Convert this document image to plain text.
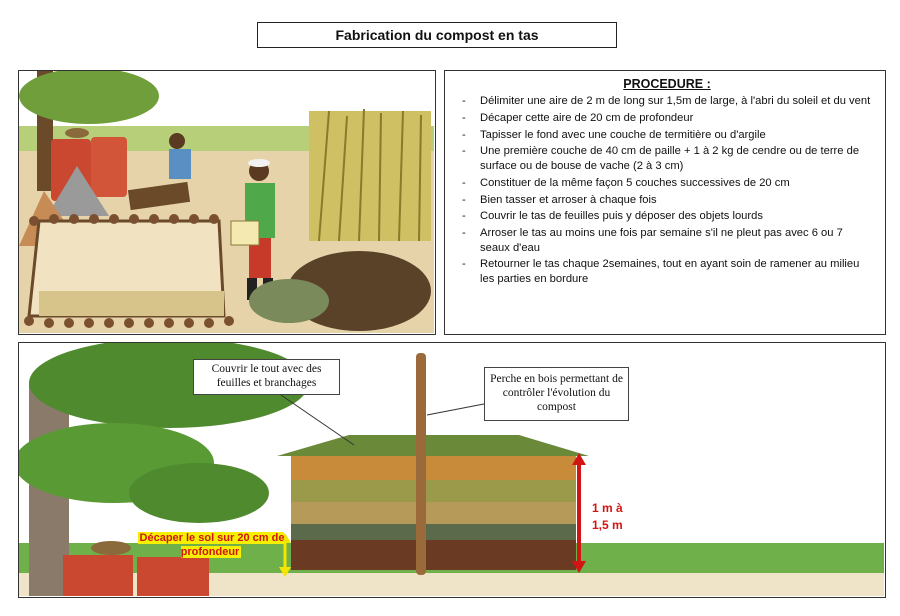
Fabrication du compost en tas
PROCEDURE :
- Délimiter une aire de 2 m de long sur 1,5m de large, à l'abri du soleil et du vent
- Décaper cette aire de 20 cm de profondeur
- Tapisser le fond avec une couche de termitière ou d'argile
- Une première couche de 40 cm de paille + 1 à 2 kg de cendre ou de terre de surface ou de bouse de vache (2 à 3 cm)
- Constituer de la même façon 5 couches successives de 20 cm
- Bien tasser et arroser à chaque fois
- Couvrir le tas de feuilles puis y déposer des objets lourds
- Arroser le tas au moins une fois par semaine s'il ne pleut pas avec 6 ou 7 seaux d'eau
- Retourner le tas chaque 2semaines, tout en ayant soin de ramener au milieu les parties en bordure
Couvrir le tout avec des feuilles et branchages	Perche en bois permettant de contrôler l'évolution du compost
1 m à 1,5 m
Décaper le sol sur 20 cm de profondeur
